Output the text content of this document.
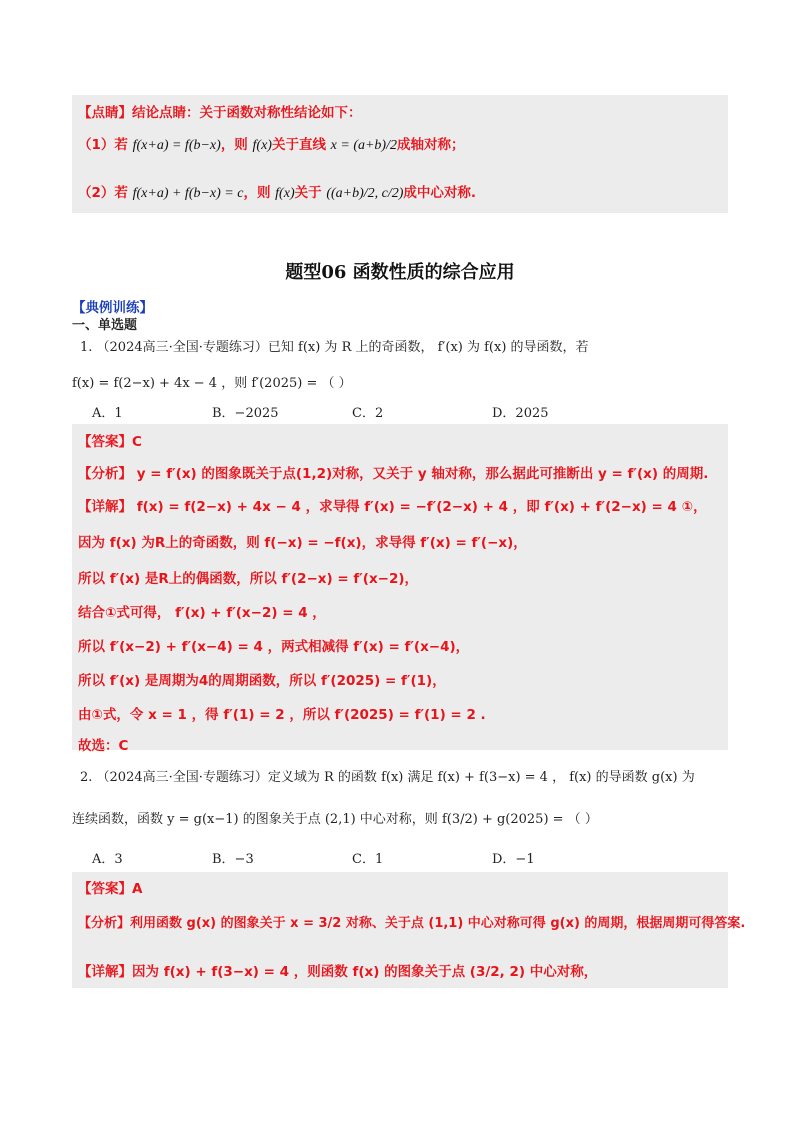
【点睛】结论点睛：关于函数对称性结论如下：
（1）若 f(x+a) = f(b−x)，则 f(x)关于直线 x = (a+b)/2成轴对称；
（2）若 f(x+a) + f(b−x) = c，则 f(x)关于 ((a+b)/2, c/2)成中心对称.
题型06 函数性质的综合应用
【典例训练】
一、单选题
1. （2024高三·全国·专题练习）已知 f(x) 为 R 上的奇函数， f′(x) 为 f(x) 的导函数，若
f(x) = f(2−x) + 4x − 4 ，则 f′(2025) = （ ）
A．1	B．−2025	C．2	D．2025
【答案】C
【分析】 y = f′(x) 的图象既关于点(1,2)对称，又关于 y 轴对称，那么据此可推断出 y = f′(x) 的周期.
【详解】 f(x) = f(2−x) + 4x − 4 ，求导得 f′(x) = −f′(2−x) + 4 ，即 f′(x) + f′(2−x) = 4 ①，
因为 f(x) 为R上的奇函数，则 f(−x) = −f(x)，求导得 f′(x) = f′(−x)，
所以 f′(x) 是R上的偶函数，所以 f′(2−x) = f′(x−2)，
结合①式可得， f′(x) + f′(x−2) = 4 ，
所以 f′(x−2) + f′(x−4) = 4 ，两式相减得 f′(x) = f′(x−4)，
所以 f′(x) 是周期为4的周期函数，所以 f′(2025) = f′(1)，
由①式，令 x = 1 ，得 f′(1) = 2 ，所以 f′(2025) = f′(1) = 2 .
故选：C
2. （2024高三·全国·专题练习）定义域为 R 的函数 f(x) 满足 f(x) + f(3−x) = 4 ， f(x) 的导函数 g(x) 为
连续函数，函数 y = g(x−1) 的图象关于点 (2,1) 中心对称，则 f(3/2) + g(2025) = （ ）
A．3	B．−3	C．1	D．−1
【答案】A
【分析】利用函数 g(x) 的图象关于 x = 3/2 对称、关于点 (1,1) 中心对称可得 g(x) 的周期，根据周期可得答案.
【详解】因为 f(x) + f(3−x) = 4 ，则函数 f(x) 的图象关于点 (3/2, 2) 中心对称，
